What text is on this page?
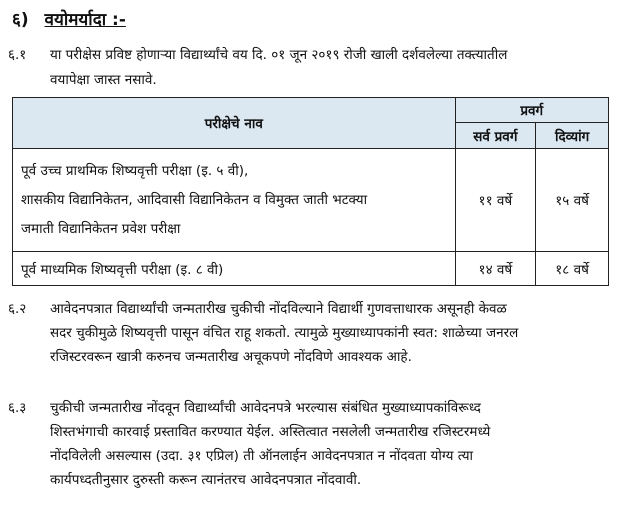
६) वयोमर्यादा :-
६.१ या परीक्षेस प्रविष्ट होणाऱ्या विद्यार्थ्यांचे वय दि. ०१ जून २०१९ रोजी खाली दर्शवलेल्या तक्त्यातील
वयापेक्षा जास्त नसावे.
परीक्षेचे नाव	प्रवर्ग	
	सर्व प्रवर्ग	दिव्यांग

पूर्व उच्च प्राथमिक शिष्यवृत्ती परीक्षा (इ. ५ वी),
शासकीय विद्यानिकेतन, आदिवासी विद्यानिकेतन व विमुक्त जाती भटक्या
जमाती विद्यानिकेतन प्रवेश परीक्षा	११ वर्षे	१५ वर्षे
पूर्व माध्यमिक शिष्यवृत्ती परीक्षा (इ. ८ वी)	१४ वर्षे	१८ वर्षे
६.२ आवेदनपत्रात विद्यार्थ्यांची जन्मतारीख चुकीची नोंदविल्याने विद्यार्थी गुणवत्ताधारक असूनही केवळ
सदर चुकीमुळे शिष्यवृत्ती पासून वंचित राहू शकतो. त्यामुळे मुख्याध्यापकांनी स्वत: शाळेच्या जनरल
रजिस्टरवरून खात्री करुनच जन्मतारीख अचूकपणे नोंदविणे आवश्यक आहे.
६.३ चुकीची जन्मतारीख नोंदवून विद्यार्थ्यांची आवेदनपत्रे भरल्यास संबंधित मुख्याध्यापकांविरूध्द
शिस्तभंगाची कारवाई प्रस्तावित करण्यात येईल. अस्तित्वात नसलेली जन्मतारीख रजिस्टरमध्ये
नोंदविलेली असल्यास (उदा. ३१ एप्रिल) ती ऑनलाईन आवेदनपत्रात न नोंदवता योग्य त्या
कार्यपध्दतीनुसार दुरुस्ती करून त्यानंतरच आवेदनपत्रात नोंदवावी.
